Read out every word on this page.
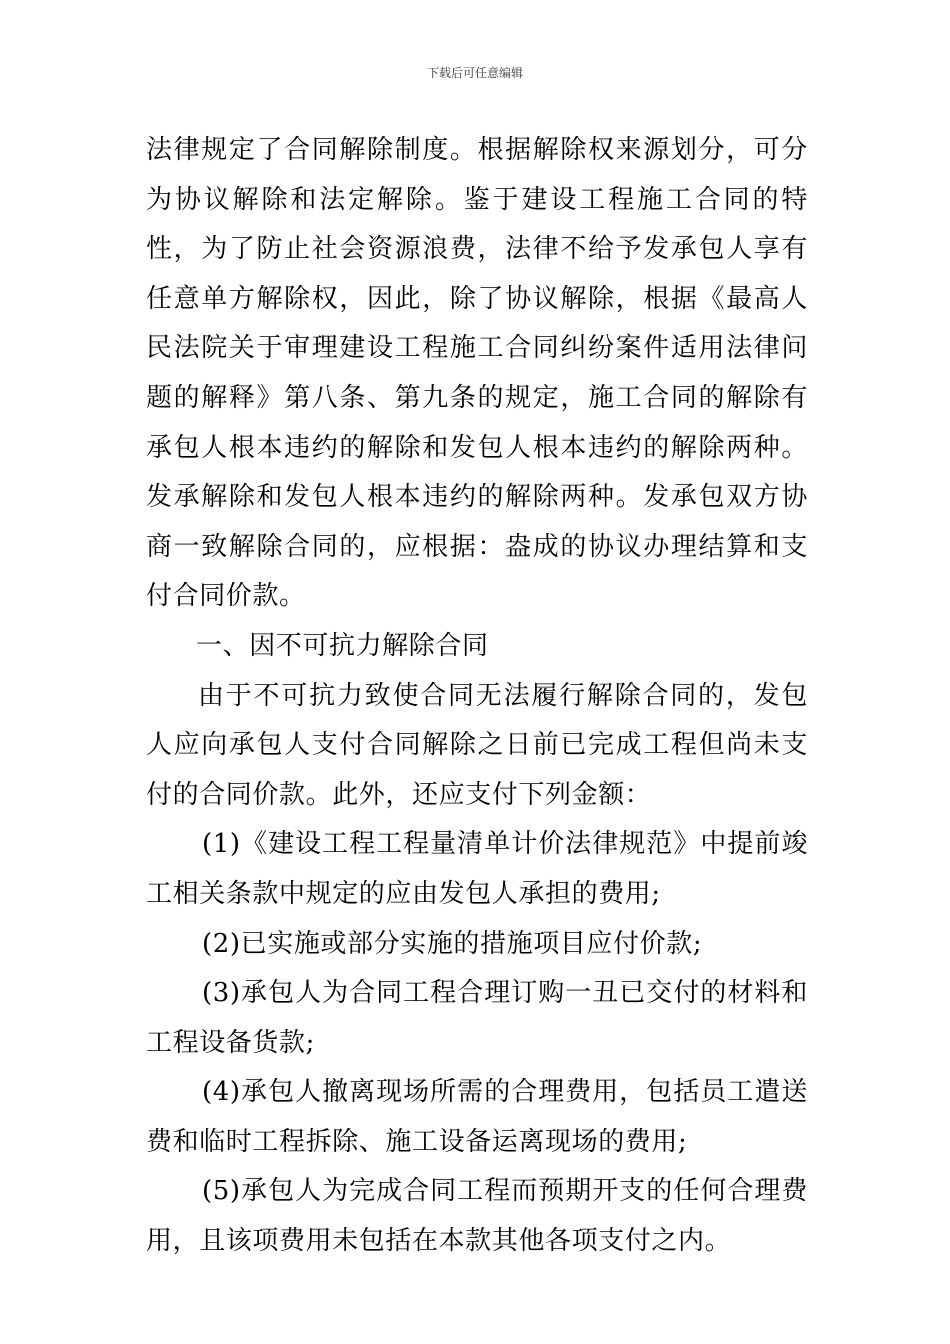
下载后可任意编辑

法律规定了合同解除制度。根据解除权来源划分，可分为协议解除和法定解除。鉴于建设工程施工合同的特性，为了防止社会资源浪费，法律不给予发承包人享有任意单方解除权，因此，除了协议解除，根据《最高人民法院关于审理建设工程施工合同纠纷案件适用法律问题的解释》第八条、第九条的规定，施工合同的解除有承包人根本违约的解除和发包人根本违约的解除两种。发承解除和发包人根本违约的解除两种。发承包双方协商一致解除合同的，应根据：盎成的协议办理结算和支付合同价款。

一、因不可抗力解除合同

由于不可抗力致使合同无法履行解除合同的，发包人应向承包人支付合同解除之日前已完成工程但尚未支付的合同价款。此外，还应支付下列金额：

(1)《建设工程工程量清单计价法律规范》中提前竣工相关条款中规定的应由发包人承担的费用;

(2)已实施或部分实施的措施项目应付价款;

(3)承包人为合同工程合理订购一丑已交付的材料和工程设备货款;

(4)承包人撤离现场所需的合理费用，包括员工遣送费和临时工程拆除、施工设备运离现场的费用;

(5)承包人为完成合同工程而预期开支的任何合理费用，且该项费用未包括在本款其他各项支付之内。
